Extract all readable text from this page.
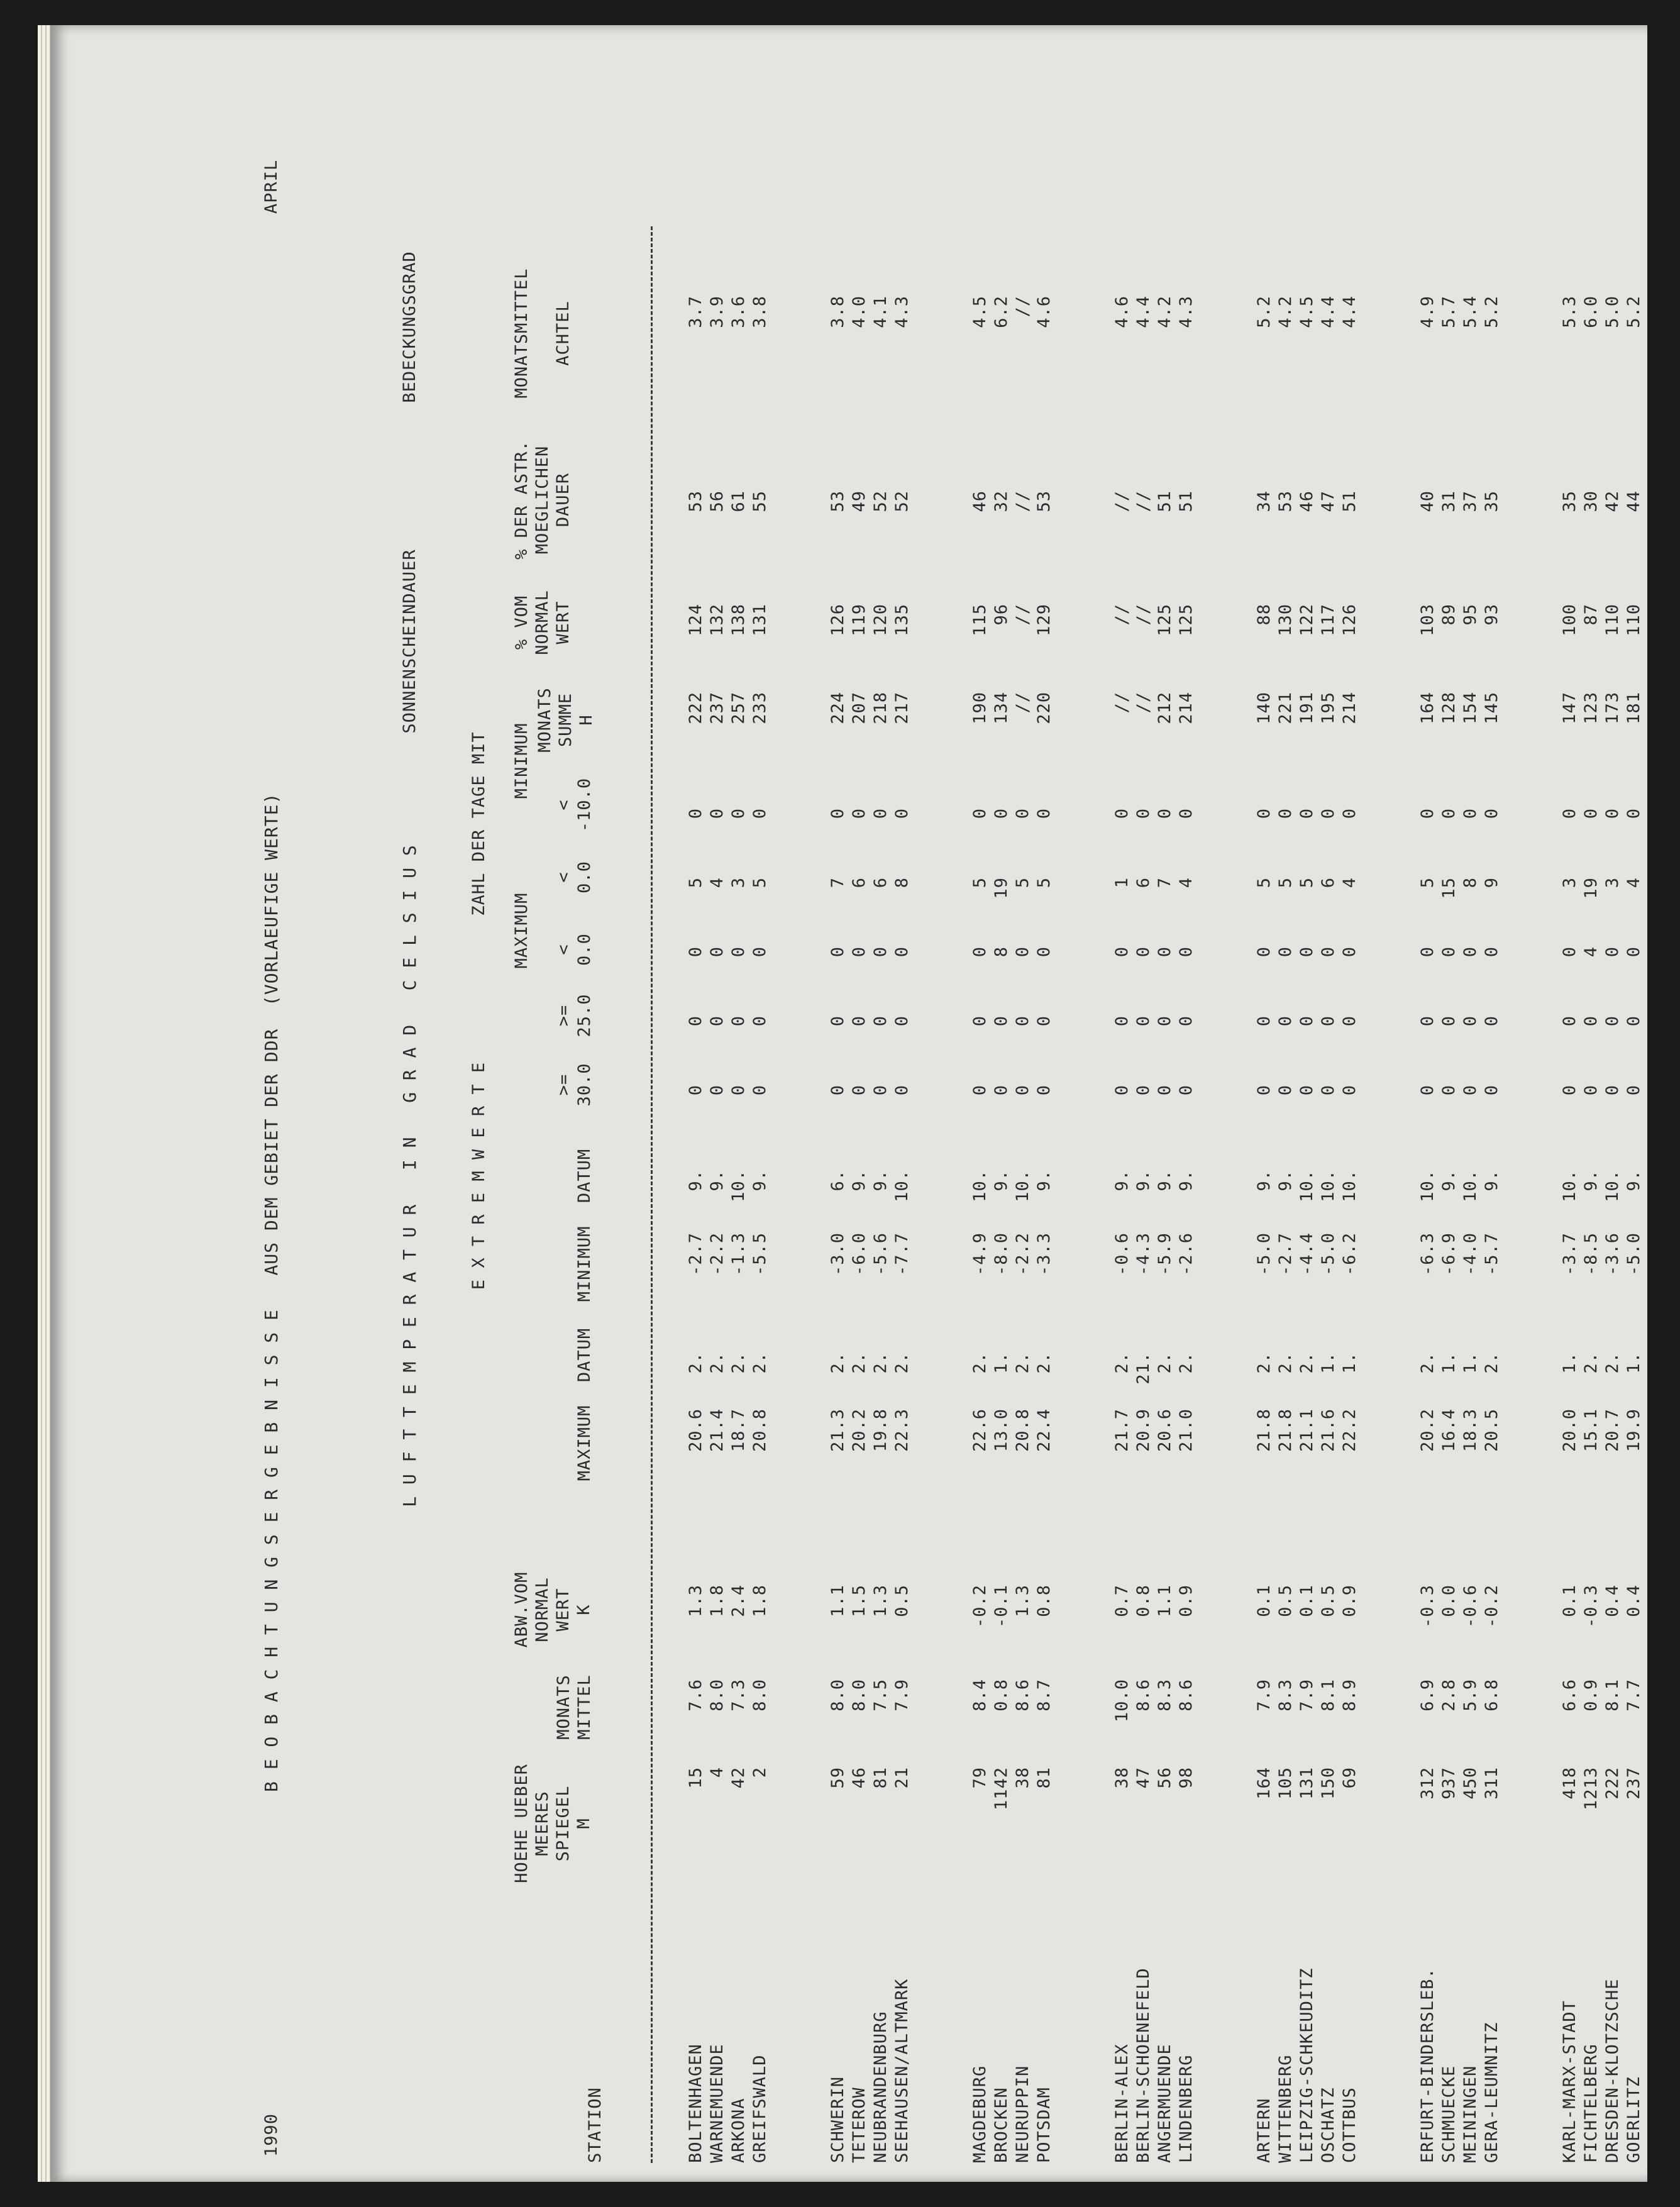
1990
B E O B A C H T U N G S E R G E B N I S S E   AUS DEM GEBIET DER DDR  (VORLAEUFIGE WERTE)
APRIL
L U F T T E M P E R A T U R   I N   G R A D   C E L S I U S
SONNENSCHEINDAUER
BEDECKUNGSGRAD
E X T R E M W E R T E
ZAHL DER TAGE MIT
MAXIMUM
MINIMUM
STATION
HOEHE UEBER
MEERES
SPIEGEL
M
MONATS
MITTEL
ABW.VOM
NORMAL
WERT
K
MAXIMUM
DATUM
MINIMUM
DATUM
>=
30.0
>=
25.0
<
0.0
<
0.0
<
-10.0
MONATS
SUMME
H
% VOM
NORMAL
WERT
% DER ASTR.
MOEGLICHEN
DAUER
MONATSMITTEL

ACHTEL
BOLTENHAGEN
15
7.6
1.3
20.6
2.
-2.7
9.
0
0
0
5
0
222
124
53
3.7
WARNEMUENDE
4
8.0
1.8
21.4
2.
-2.2
9.
0
0
0
4
0
237
132
56
3.9
ARKONA
42
7.3
2.4
18.7
2.
-1.3
10.
0
0
0
3
0
257
138
61
3.6
GREIFSWALD
2
8.0
1.8
20.8
2.
-5.5
9.
0
0
0
5
0
233
131
55
3.8
SCHWERIN
59
8.0
1.1
21.3
2.
-3.0
6.
0
0
0
7
0
224
126
53
3.8
TETEROW
46
8.0
1.5
20.2
2.
-6.0
9.
0
0
0
6
0
207
119
49
4.0
NEUBRANDENBURG
81
7.5
1.3
19.8
2.
-5.6
9.
0
0
0
6
0
218
120
52
4.1
SEEHAUSEN/ALTMARK
21
7.9
0.5
22.3
2.
-7.7
10.
0
0
0
8
0
217
135
52
4.3
MAGDEBURG
79
8.4
-0.2
22.6
2.
-4.9
10.
0
0
0
5
0
190
115
46
4.5
BROCKEN
1142
0.8
-0.1
13.0
1.
-8.0
9.
0
0
8
19
0
134
96
32
6.2
NEURUPPIN
38
8.6
1.3
20.8
2.
-2.2
10.
0
0
0
5
0
//
//
//
//
POTSDAM
81
8.7
0.8
22.4
2.
-3.3
9.
0
0
0
5
0
220
129
53
4.6
BERLIN-ALEX
38
10.0
0.7
21.7
2.
-0.6
9.
0
0
0
1
0
//
//
//
4.6
BERLIN-SCHOENEFELD
47
8.6
0.8
20.9
21.
-4.3
9.
0
0
0
6
0
//
//
//
4.4
ANGERMUENDE
56
8.3
1.1
20.6
2.
-5.9
9.
0
0
0
7
0
212
125
51
4.2
LINDENBERG
98
8.6
0.9
21.0
2.
-2.6
9.
0
0
0
4
0
214
125
51
4.3
ARTERN
164
7.9
0.1
21.8
2.
-5.0
9.
0
0
0
5
0
140
88
34
5.2
WITTENBERG
105
8.3
0.5
21.8
2.
-2.7
9.
0
0
0
5
0
221
130
53
4.2
LEIPZIG-SCHKEUDITZ
131
7.9
0.1
21.1
2.
-4.4
10.
0
0
0
5
0
191
122
46
4.5
OSCHATZ
150
8.1
0.5
21.6
1.
-5.0
10.
0
0
0
6
0
195
117
47
4.4
COTTBUS
69
8.9
0.9
22.2
1.
-6.2
10.
0
0
0
4
0
214
126
51
4.4
ERFURT-BINDERSLEB.
312
6.9
-0.3
20.2
2.
-6.3
10.
0
0
0
5
0
164
103
40
4.9
SCHMUECKE
937
2.8
0.0
16.4
1.
-6.9
9.
0
0
0
15
0
128
89
31
5.7
MEININGEN
450
5.9
-0.6
18.3
1.
-4.0
10.
0
0
0
8
0
154
95
37
5.4
GERA-LEUMNITZ
311
6.8
-0.2
20.5
2.
-5.7
9.
0
0
0
9
0
145
93
35
5.2
KARL-MARX-STADT
418
6.6
0.1
20.0
1.
-3.7
10.
0
0
0
3
0
147
100
35
5.3
FICHTELBERG
1213
0.9
-0.3
15.1
2.
-8.5
9.
0
0
4
19
0
123
87
30
6.0
DRESDEN-KLOTZSCHE
222
8.1
0.4
20.7
2.
-3.6
10.
0
0
0
3
0
173
110
42
5.0
GOERLITZ
237
7.7
0.4
19.9
1.
-5.0
9.
0
0
0
4
0
181
110
44
5.2
